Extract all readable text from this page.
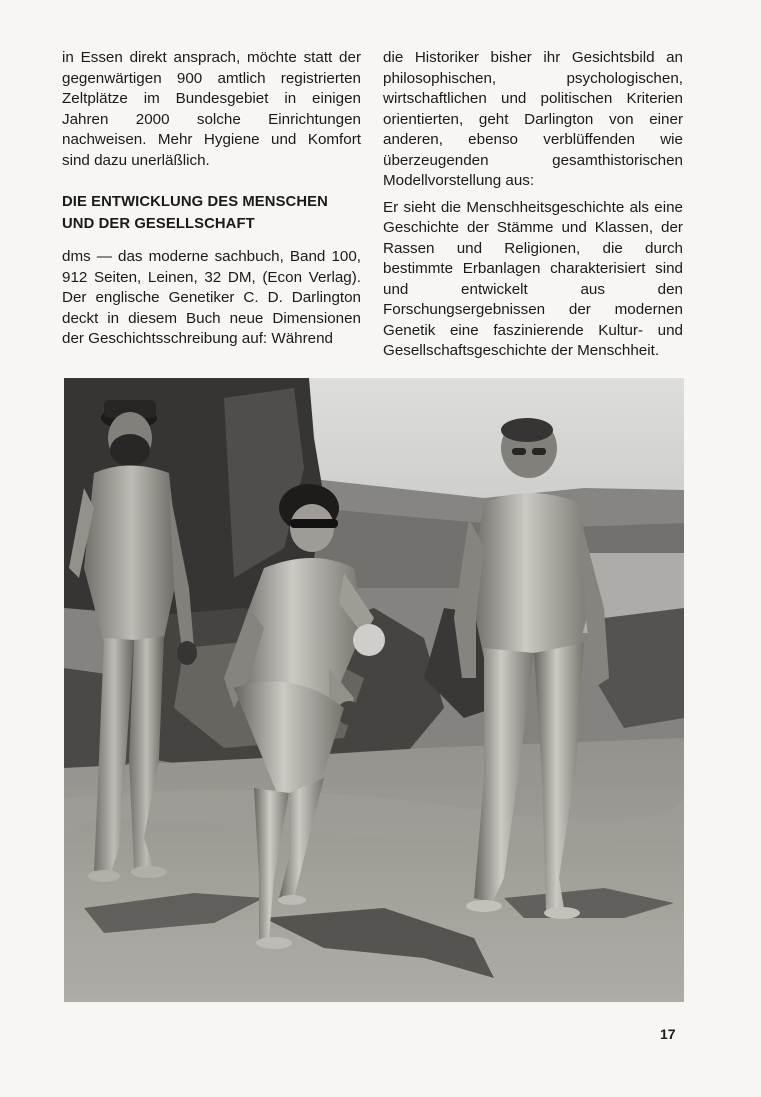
in Essen direkt ansprach, möchte statt der gegenwärtigen 900 amtlich registrierten Zeltplätze im Bundesgebiet in einigen Jahren 2000 solche Einrichtungen nachweisen. Mehr Hygiene und Komfort sind dazu unerläßlich.

DIE ENTWICKLUNG DES MENSCHEN UND DER GESELLSCHAFT

dms — das moderne sachbuch, Band 100, 912 Seiten, Leinen, 32 DM, (Econ Verlag). Der englische Genetiker C. D. Darlington deckt in diesem Buch neue Dimensionen der Geschichtsschreibung auf: Während

die Historiker bisher ihr Gesichtsbild an philosophischen, psychologischen, wirtschaftlichen und politischen Kriterien orientierten, geht Darlington von einer anderen, ebenso verblüffenden wie überzeugenden gesamthistorischen Modellvorstellung aus:

Er sieht die Menschheitsgeschichte als eine Geschichte der Stämme und Klassen, der Rassen und Religionen, die durch bestimmte Erbanlagen charakterisiert sind und entwickelt aus den Forschungsergebnissen der modernen Genetik eine faszinierende Kultur- und Gesellschaftsgeschichte der Menschheit.

17
